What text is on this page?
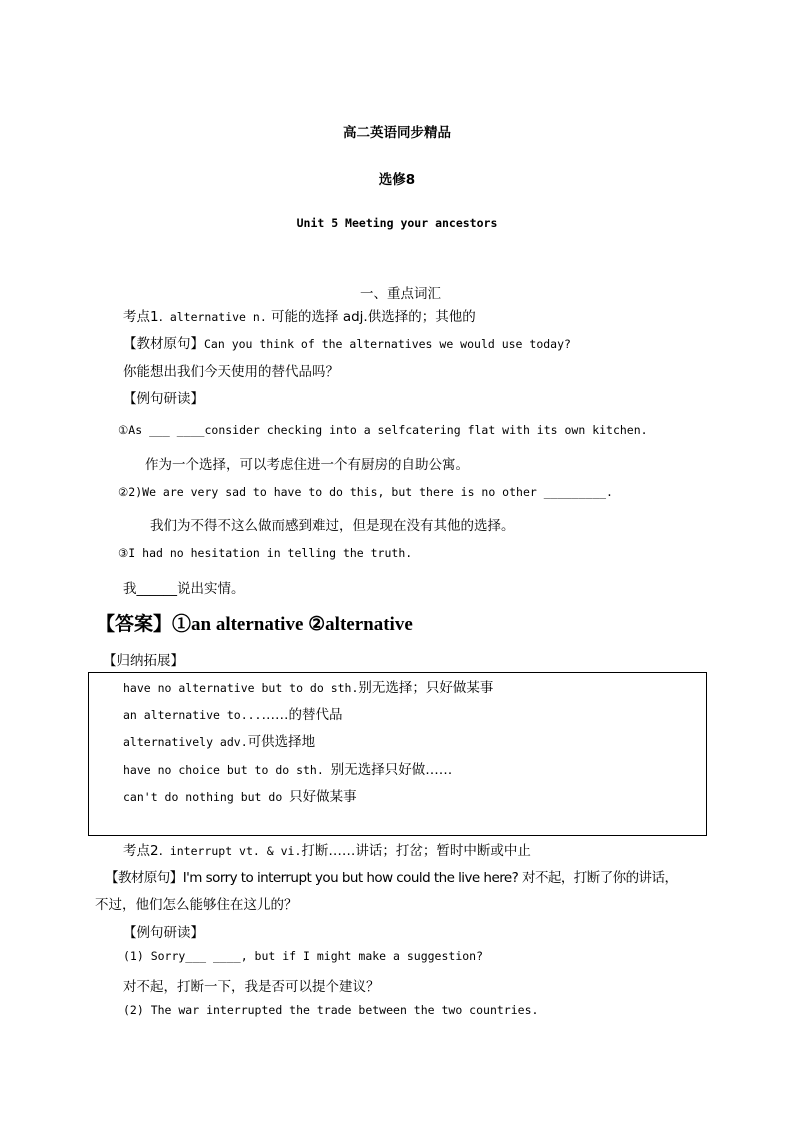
高二英语同步精品
选修8
Unit 5 Meeting your ancestors
一、重点词汇
考点1. alternative n. 可能的选择 adj.供选择的；其他的
【教材原句】Can you think of the alternatives we would use today?
你能想出我们今天使用的替代品吗？
【例句研读】
①As ___ ____consider checking into a selfcatering flat with its own kitchen.
作为一个选择，可以考虑住进一个有厨房的自助公寓。
②2)We are very sad to have to do this, but there is no other _________.
我们为不得不这么做而感到难过，但是现在没有其他的选择。
③I had no hesitation in telling the truth.
我______说出实情。
【答案】①an alternative ②alternative
【归纳拓展】
have no alternative but to do sth.别无选择；只好做某事
an alternative to...……的替代品
alternatively adv.可供选择地
have no choice but to do sth. 别无选择只好做……
can't do nothing but do 只好做某事
考点2. interrupt vt. & vi.打断……讲话；打岔；暂时中断或中止
【教材原句】I'm sorry to interrupt you but how could the live here? 对不起，打断了你的讲话，
不过，他们怎么能够住在这儿的？
【例句研读】
(1) Sorry___ ____, but if I might make a suggestion?
对不起，打断一下，我是否可以提个建议？
(2) The war interrupted the trade between the two countries.
